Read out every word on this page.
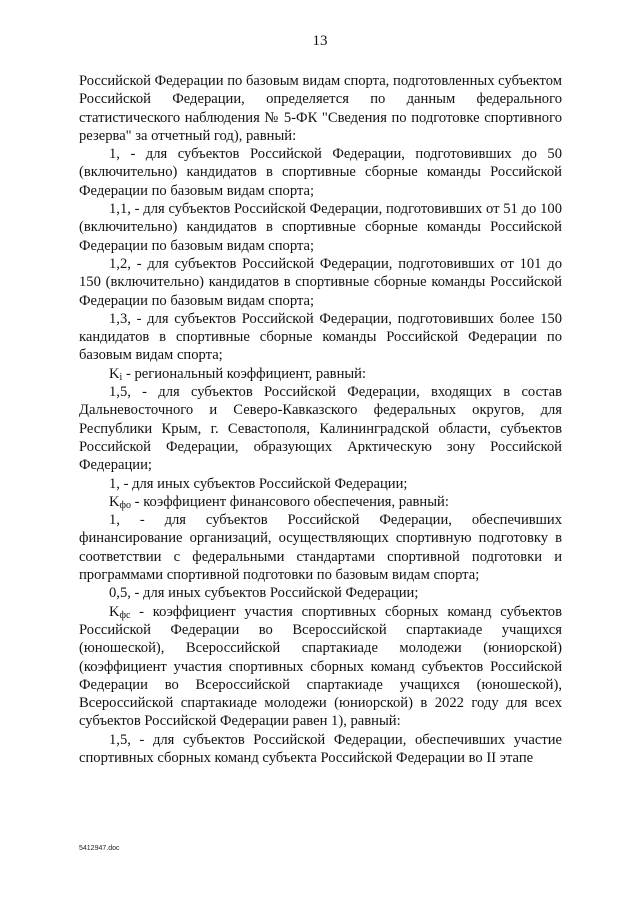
13

Российской Федерации по базовым видам спорта, подготовленных субъектом Российской Федерации, определяется по данным федерального статистического наблюдения № 5-ФК "Сведения по подготовке спортивного резерва" за отчетный год), равный:

1, - для субъектов Российской Федерации, подготовивших до 50 (включительно) кандидатов в спортивные сборные команды Российской Федерации по базовым видам спорта;

1,1, - для субъектов Российской Федерации, подготовивших от 51 до 100 (включительно) кандидатов в спортивные сборные команды Российской Федерации по базовым видам спорта;

1,2, - для субъектов Российской Федерации, подготовивших от 101 до 150 (включительно) кандидатов в спортивные сборные команды Российской Федерации по базовым видам спорта;

1,3, - для субъектов Российской Федерации, подготовивших более 150 кандидатов в спортивные сборные команды Российской Федерации по базовым видам спорта;

$K_i$ - региональный коэффициент, равный:

1,5, - для субъектов Российской Федерации, входящих в состав Дальневосточного и Северо-Кавказского федеральных округов, для Республики Крым, г. Севастополя, Калининградской области, субъектов Российской Федерации, образующих Арктическую зону Российской Федерации;

1, - для иных субъектов Российской Федерации;

$K_{фо}$ - коэффициент финансового обеспечения, равный:

1, - для субъектов Российской Федерации, обеспечивших финансирование организаций, осуществляющих спортивную подготовку в соответствии с федеральными стандартами спортивной подготовки и программами спортивной подготовки по базовым видам спорта;

0,5, - для иных субъектов Российской Федерации;

$K_{фс}$ - коэффициент участия спортивных сборных команд субъектов Российской Федерации во Всероссийской спартакиаде учащихся (юношеской), Всероссийской спартакиаде молодежи (юниорской) (коэффициент участия спортивных сборных команд субъектов Российской Федерации во Всероссийской спартакиаде учащихся (юношеской), Всероссийской спартакиаде молодежи (юниорской) в 2022 году для всех субъектов Российской Федерации равен 1), равный:

1,5, - для субъектов Российской Федерации, обеспечивших участие спортивных сборных команд субъекта Российской Федерации во II этапе

5412947.doc
